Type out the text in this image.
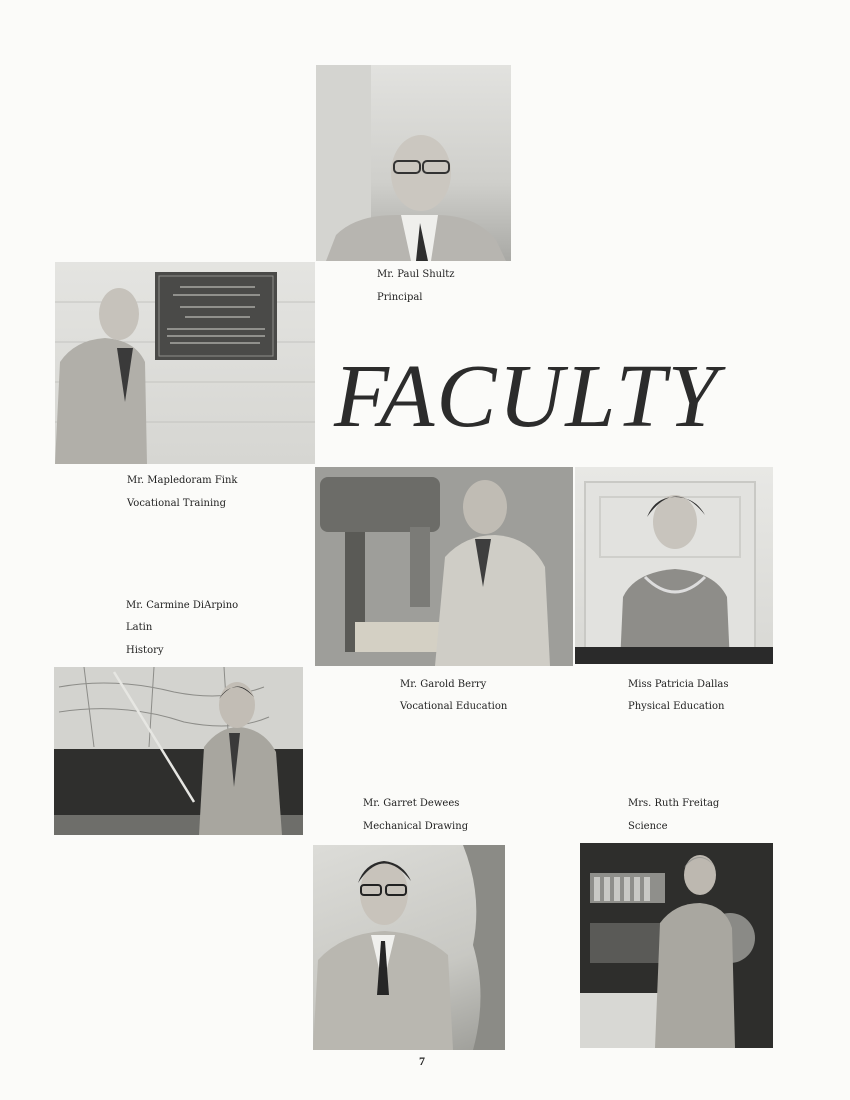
Mr. Paul Shultz
Principal
Mr. Mapledoram Fink
Vocational Training
FACULTY
Mr. Garold Berry
Vocational Education
Miss Patricia Dallas
Physical Education
Mr. Carmine DiArpino
Latin
History
Mr. Garret Dewees
Mechanical Drawing
Mrs. Ruth Freitag
Science
7
